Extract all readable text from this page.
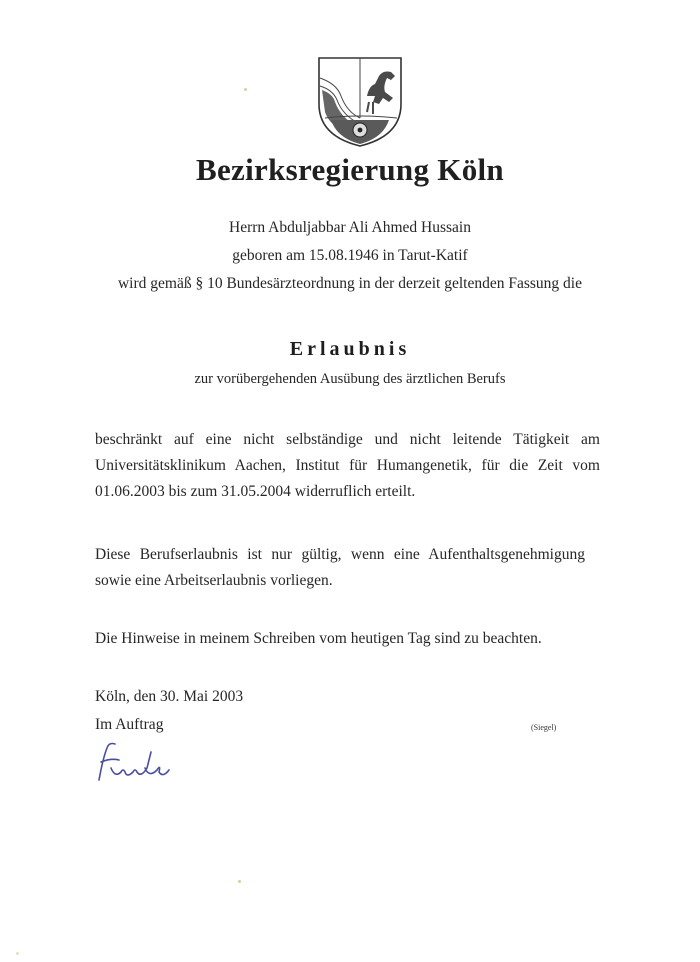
Bezirksregierung Köln
Herrn Abduljabbar Ali Ahmed Hussain
geboren am 15.08.1946 in Tarut-Katif
wird gemäß § 10 Bundesärzteordnung in der derzeit geltenden Fassung die
Erlaubnis
zur vorübergehenden Ausübung des ärztlichen Berufs
beschränkt auf eine nicht selbständige und nicht leitende Tätigkeit am
Universitätsklinikum Aachen, Institut für Humangenetik, für die Zeit vom
01.06.2003 bis zum 31.05.2004 widerruflich erteilt.
Diese Berufserlaubnis ist nur gültig, wenn eine Aufenthaltsgenehmigung
sowie eine Arbeitserlaubnis vorliegen.
Die Hinweise in meinem Schreiben vom heutigen Tag sind zu beachten.
Köln, den 30. Mai 2003
Im Auftrag	(Siegel)
